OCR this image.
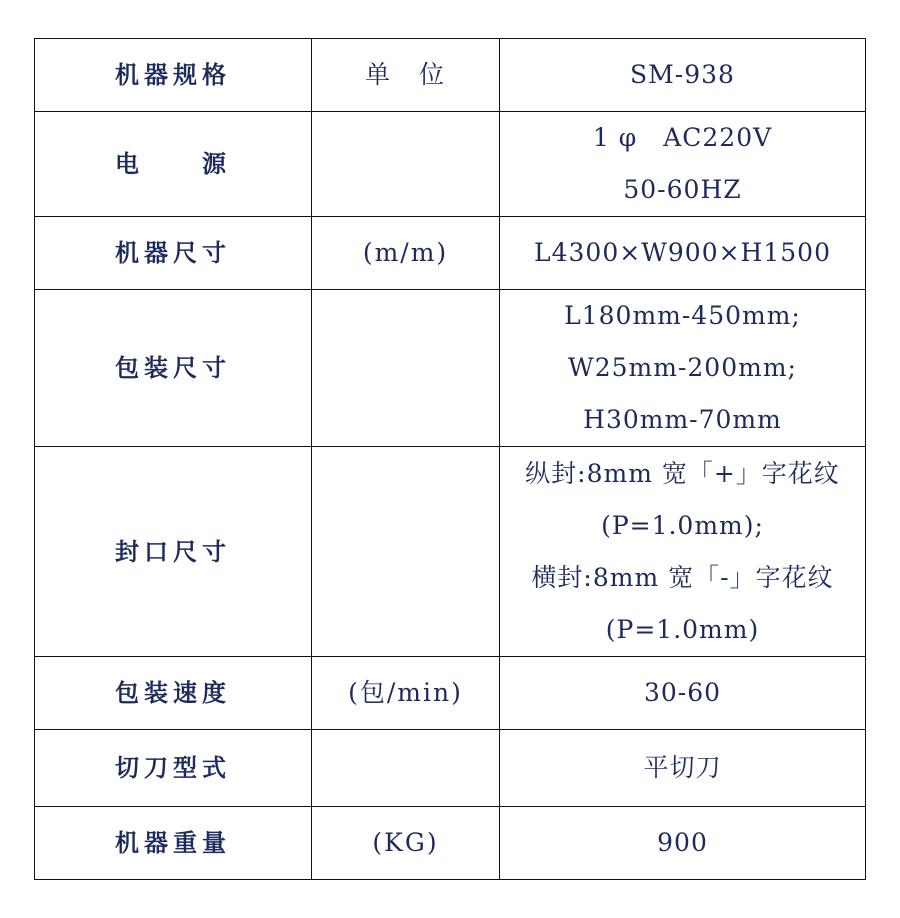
机器规格	单　位	SM-938

电　　源		1 φ　AC220V
50-60HZ

机器尺寸	(m/m)	L4300×W900×H1500

包装尺寸		L180mm-450mm;
W25mm-200mm;
H30mm-70mm

封口尺寸		纵封:8mm 宽「+」字花纹
(P=1.0mm);
横封:8mm 宽「-」字花纹
(P=1.0mm)

包装速度	(包/min)	30-60

切刀型式		平切刀

机器重量	(KG)	900
